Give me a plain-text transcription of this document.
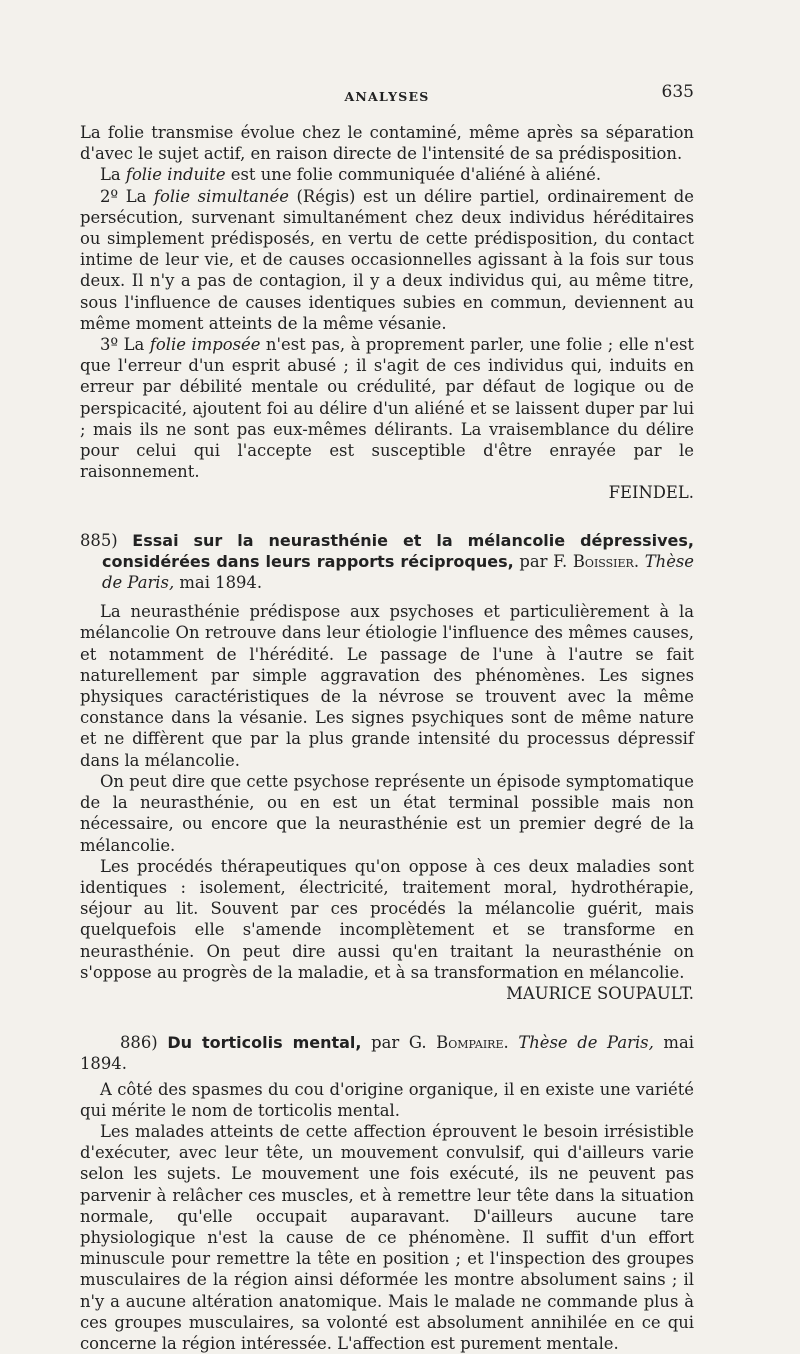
ANALYSES	635

La folie transmise évolue chez le contaminé, même après sa séparation d'avec le sujet actif, en raison directe de l'intensité de sa prédisposition.

La folie induite est une folie communiquée d'aliéné à aliéné.

2º La folie simultanée (Régis) est un délire partiel, ordinairement de persécution, survenant simultanément chez deux individus héréditaires ou simplement prédisposés, en vertu de cette prédisposition, du contact intime de leur vie, et de causes occasionnelles agissant à la fois sur tous deux. Il n'y a pas de contagion, il y a deux individus qui, au même titre, sous l'influence de causes identiques subies en commun, deviennent au même moment atteints de la même vésanie.

3º La folie imposée n'est pas, à proprement parler, une folie ; elle n'est que l'erreur d'un esprit abusé ; il s'agit de ces individus qui, induits en erreur par débilité mentale ou crédulité, par défaut de logique ou de perspicacité, ajoutent foi au délire d'un aliéné et se laissent duper par lui ; mais ils ne sont pas eux-mêmes délirants. La vraisemblance du délire pour celui qui l'accepte est susceptible d'être enrayée par le raisonnement.

FEINDEL.

885) Essai sur la neurasthénie et la mélancolie dépressives, considérées dans leurs rapports réciproques, par F. Boissier. Thèse de Paris, mai 1894.

La neurasthénie prédispose aux psychoses et particulièrement à la mélancolie On retrouve dans leur étiologie l'influence des mêmes causes, et notamment de l'hérédité. Le passage de l'une à l'autre se fait naturellement par simple aggravation des phénomènes. Les signes physiques caractéristiques de la névrose se trouvent avec la même constance dans la vésanie. Les signes psychiques sont de même nature et ne diffèrent que par la plus grande intensité du processus dépressif dans la mélancolie.

On peut dire que cette psychose représente un épisode symptomatique de la neurasthénie, ou en est un état terminal possible mais non nécessaire, ou encore que la neurasthénie est un premier degré de la mélancolie.

Les procédés thérapeutiques qu'on oppose à ces deux maladies sont identiques : isolement, électricité, traitement moral, hydrothérapie, séjour au lit. Souvent par ces procédés la mélancolie guérit, mais quelquefois elle s'amende incomplètement et se transforme en neurasthénie. On peut dire aussi qu'en traitant la neurasthénie on s'oppose au progrès de la maladie, et à sa transformation en mélancolie.

MAURICE SOUPAULT.

886) Du torticolis mental, par G. Bompaire. Thèse de Paris, mai 1894.

A côté des spasmes du cou d'origine organique, il en existe une variété qui mérite le nom de torticolis mental.

Les malades atteints de cette affection éprouvent le besoin irrésistible d'exécuter, avec leur tête, un mouvement convulsif, qui d'ailleurs varie selon les sujets. Le mouvement une fois exécuté, ils ne peuvent pas parvenir à relâcher ces muscles, et à remettre leur tête dans la situation normale, qu'elle occupait auparavant. D'ailleurs aucune tare physiologique n'est la cause de ce phénomène. Il suffit d'un effort minuscule pour remettre la tête en position ; et l'inspection des groupes musculaires de la région ainsi déformée les montre absolument sains ; il n'y a aucune altération anatomique. Mais le malade ne commande plus à ces groupes musculaires, sa volonté est absolument annihilée en ce qui concerne la région intéressée. L'affection est purement mentale.
